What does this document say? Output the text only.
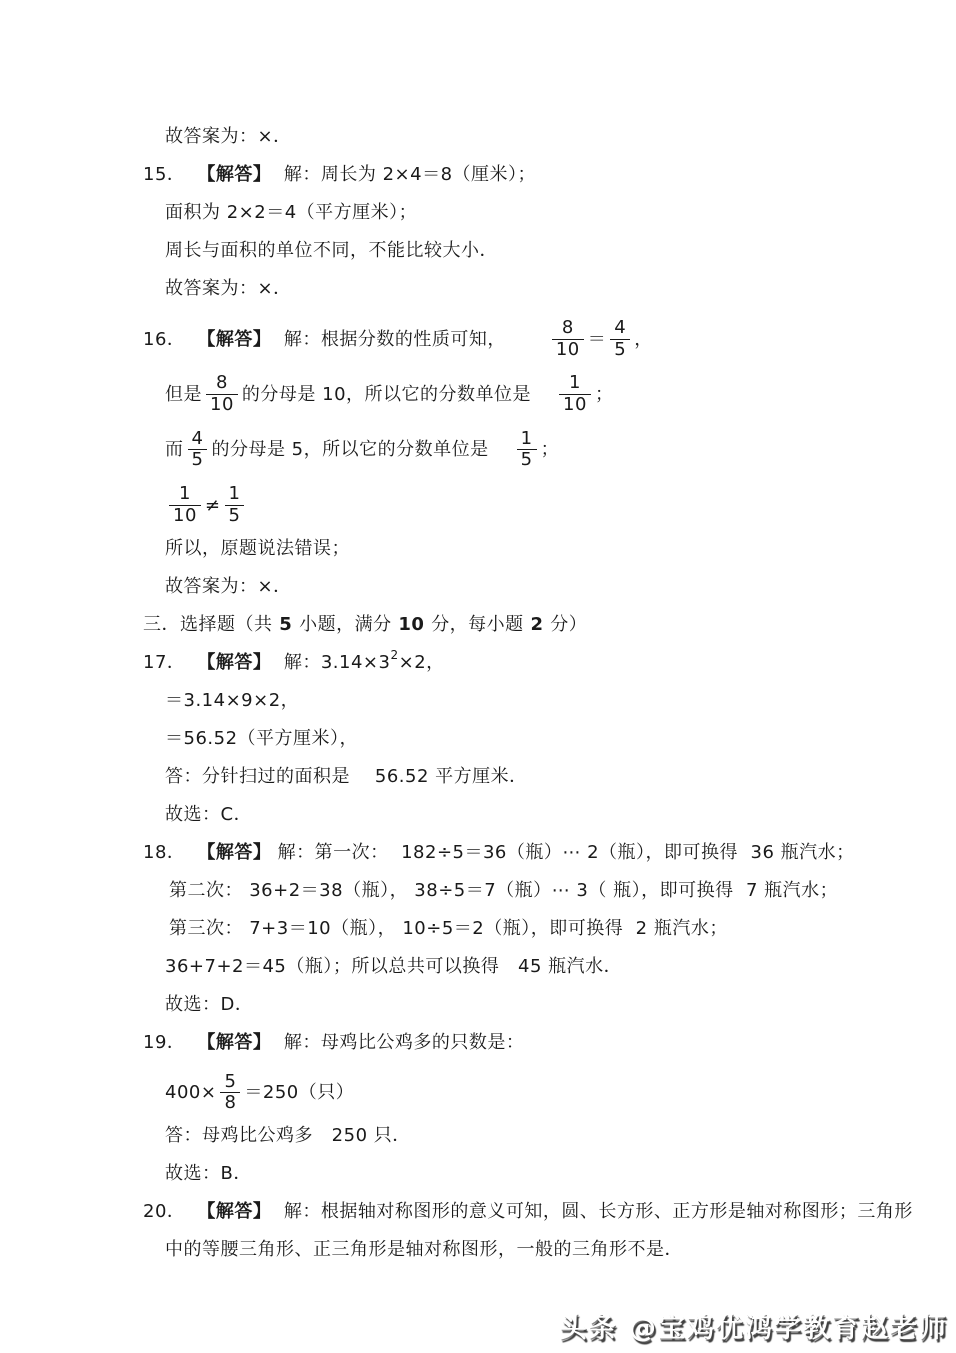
故答案为：×．
15． 【解答】 解：周长为 2×4＝8（厘米）；
面积为 2×2＝4（平方厘米）；
周长与面积的单位不同，不能比较大小．
故答案为：×．
16． 【解答】 解：根据分数的性质可知，	$\frac{8}{10} = \frac{4}{5}$ ，
但是 $\frac{8}{10}$ 的分母是 10，所以它的分数单位是 $\frac{1}{10}$ ；
而 $\frac{4}{5}$ 的分母是 5，所以它的分数单位是 $\frac{1}{5}$ ；
$\frac{1}{10} \ne \frac{1}{5}$
所以，原题说法错误；
故答案为：×．
三．选择题（共 5 小题，满分 10 分，每小题 2 分）
17． 【解答】 解：3.14×3 2 ×2，
＝3.14×9×2，
＝56.52（平方厘米），
答：分针扫过的面积是    56.52 平方厘米．
故选：C．
18． 【解答】 解：第一次：  182÷5＝36（瓶）⋯ 2（瓶），即可换得  36 瓶汽水；
第二次： 36+2＝38（瓶）， 38÷5＝7（瓶）⋯ 3（ 瓶），即可换得  7 瓶汽水；
第三次： 7+3＝10（瓶）， 10÷5＝2（瓶），即可换得  2 瓶汽水；
36+7+2＝45（瓶）；所以总共可以换得   45 瓶汽水．
故选：D．
19． 【解答】 解：母鸡比公鸡多的只数是：
$400\times \frac{5}{8} =250$（只）
答：母鸡比公鸡多   250 只．
故选：B．
20． 【解答】 解：根据轴对称图形的意义可知，圆、长方形、正方形是轴对称图形；三角形
中的等腰三角形、正三角形是轴对称图形，一般的三角形不是．
头条 @宝鸡优鸿学教育赵老师
